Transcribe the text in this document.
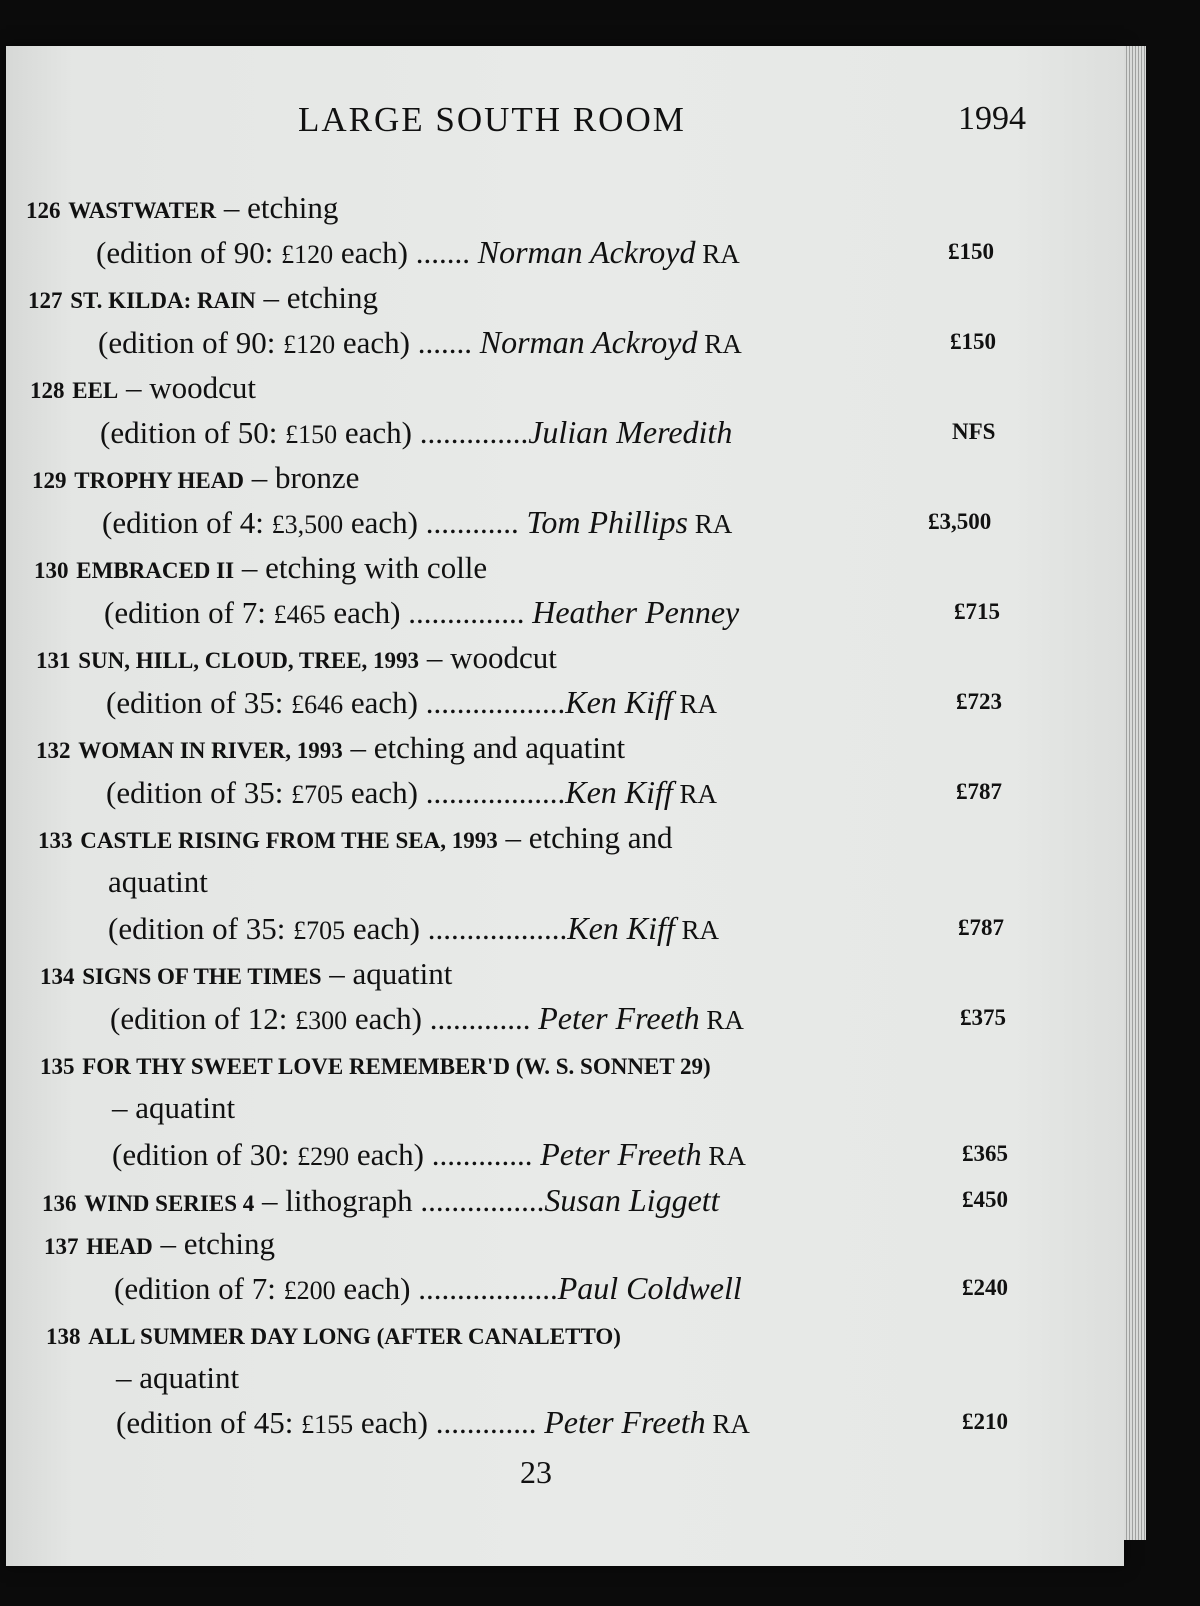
LARGE SOUTH ROOM	1994
126 WASTWATER – etching
(edition of 90: £120 each) ....... Norman Ackroyd RA	£150
127 ST. KILDA: RAIN – etching
(edition of 90: £120 each) ....... Norman Ackroyd RA	£150
128 EEL – woodcut
(edition of 50: £150 each) ..............Julian Meredith	NFS
129 TROPHY HEAD – bronze
(edition of 4: £3,500 each) ............ Tom Phillips RA	£3,500
130 EMBRACED II – etching with colle
(edition of 7: £465 each) ............... Heather Penney	£715
131 SUN, HILL, CLOUD, TREE, 1993 – woodcut
(edition of 35: £646 each) ..................Ken Kiff RA	£723
132 WOMAN IN RIVER, 1993 – etching and aquatint
(edition of 35: £705 each) ..................Ken Kiff RA	£787
133 CASTLE RISING FROM THE SEA, 1993 – etching and
aquatint
(edition of 35: £705 each) ..................Ken Kiff RA	£787
134 SIGNS OF THE TIMES – aquatint
(edition of 12: £300 each) ............. Peter Freeth RA	£375
135 FOR THY SWEET LOVE REMEMBER'D (W. S. SONNET 29)
– aquatint
(edition of 30: £290 each) ............. Peter Freeth RA	£365
136 WIND SERIES 4 – lithograph ................Susan Liggett	£450
137 HEAD – etching
(edition of 7: £200 each) ..................Paul Coldwell	£240
138 ALL SUMMER DAY LONG (AFTER CANALETTO)
– aquatint
(edition of 45: £155 each) ............. Peter Freeth RA	£210
23
